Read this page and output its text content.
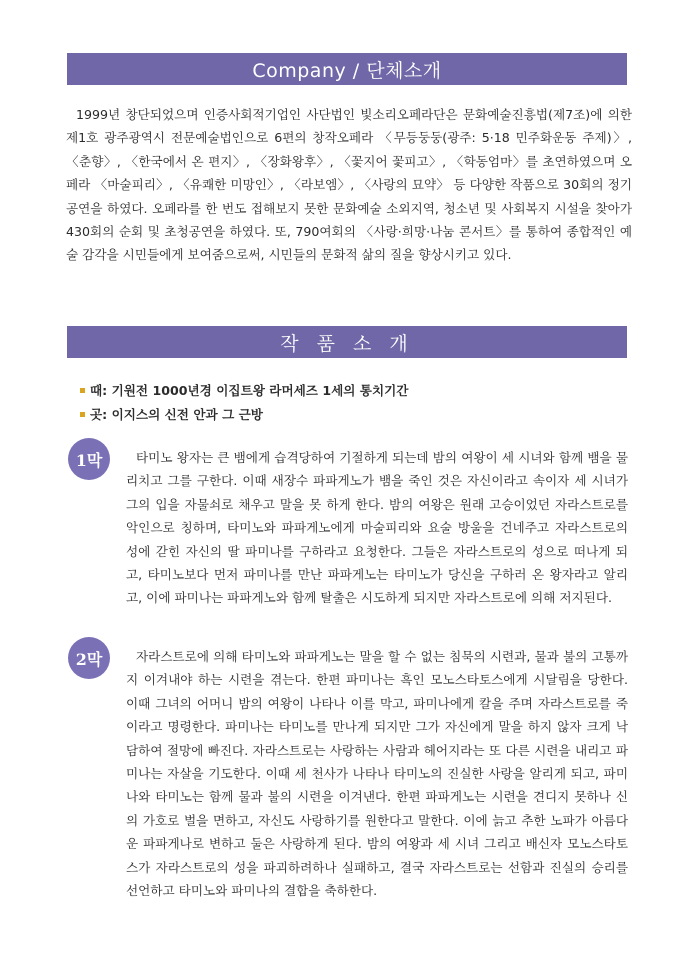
Company / 단체소개

1999년 창단되었으며 인증사회적기업인 사단법인 빛소리오페라단은 문화예술진흥법(제7조)에 의한 제1호 광주광역시 전문예술법인으로 6편의 창작오페라 〈무등둥둥(광주: 5·18 민주화운동 주제)〉, 〈춘향〉, 〈한국에서 온 편지〉, 〈장화왕후〉, 〈꽃지어 꽃피고〉, 〈학동엄마〉를 초연하였으며 오페라 〈마술피리〉, 〈유쾌한 미망인〉, 〈라보엠〉, 〈사랑의 묘약〉 등 다양한 작품으로 30회의 정기공연을 하였다. 오페라를 한 번도 접해보지 못한 문화예술 소외지역, 청소년 및 사회복지 시설을 찾아가 430회의 순회 및 초청공연을 하였다. 또, 790여회의 〈사랑·희망·나눔 콘서트〉를 통하여 종합적인 예술 감각을 시민들에게 보여줌으로써, 시민들의 문화적 삶의 질을 향상시키고 있다.

작 품 소 개
때: 기원전 1000년경 이집트왕 라머세즈 1세의 통치기간
곳: 이지스의 신전 안과 그 근방
1막	타미노 왕자는 큰 뱀에게 습격당하여 기절하게 되는데 밤의 여왕이 세 시녀와 함께 뱀을 물리치고 그를 구한다. 이때 새장수 파파게노가 뱀을 죽인 것은 자신이라고 속이자 세 시녀가 그의 입을 자물쇠로 채우고 말을 못 하게 한다. 밤의 여왕은 원래 고승이었던 자라스트로를 악인으로 칭하며, 타미노와 파파게노에게 마술피리와 요술 방울을 건네주고 자라스트로의 성에 갇힌 자신의 딸 파미나를 구하라고 요청한다. 그들은 자라스트로의 성으로 떠나게 되고, 타미노보다 먼저 파미나를 만난 파파게노는 타미노가 당신을 구하러 온 왕자라고 알리고, 이에 파미나는 파파게노와 함께 탈출은 시도하게 되지만 자라스트로에 의해 저지된다.

2막	자라스트로에 의해 타미노와 파파게노는 말을 할 수 없는 침묵의 시련과, 물과 불의 고통까지 이겨내야 하는 시련을 겪는다. 한편 파미나는 흑인 모노스타토스에게 시달림을 당한다. 이때 그녀의 어머니 밤의 여왕이 나타나 이를 막고, 파미나에게 칼을 주며 자라스트로를 죽이라고 명령한다. 파미나는 타미노를 만나게 되지만 그가 자신에게 말을 하지 않자 크게 낙담하여 절망에 빠진다. 자라스트로는 사랑하는 사람과 헤어지라는 또 다른 시련을 내리고 파미나는 자살을 기도한다. 이때 세 천사가 나타나 타미노의 진실한 사랑을 알리게 되고, 파미나와 타미노는 함께 물과 불의 시련을 이겨낸다. 한편 파파게노는 시련을 견디지 못하나 신의 가호로 벌을 면하고, 자신도 사랑하기를 원한다고 말한다. 이에 늙고 추한 노파가 아름다운 파파게나로 변하고 둘은 사랑하게 된다. 밤의 여왕과 세 시녀 그리고 배신자 모노스타토스가 자라스트로의 성을 파괴하려하나 실패하고, 결국 자라스트로는 선함과 진실의 승리를 선언하고 타미노와 파미나의 결합을 축하한다.
